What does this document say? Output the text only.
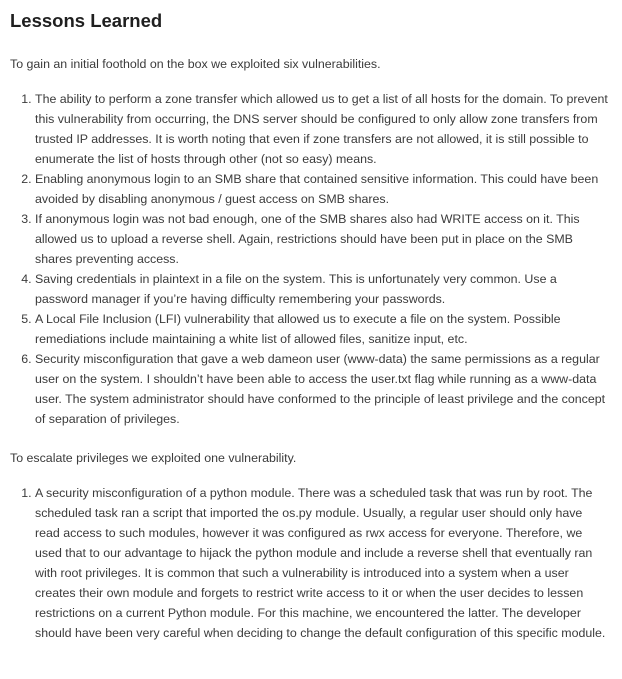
Lessons Learned

To gain an initial foothold on the box we exploited six vulnerabilities.

1. The ability to perform a zone transfer which allowed us to get a list of all hosts for the domain. To prevent this vulnerability from occurring, the DNS server should be configured to only allow zone transfers from trusted IP addresses. It is worth noting that even if zone transfers are not allowed, it is still possible to enumerate the list of hosts through other (not so easy) means.
2. Enabling anonymous login to an SMB share that contained sensitive information. This could have been avoided by disabling anonymous / guest access on SMB shares.
3. If anonymous login was not bad enough, one of the SMB shares also had WRITE access on it. This allowed us to upload a reverse shell. Again, restrictions should have been put in place on the SMB shares preventing access.
4. Saving credentials in plaintext in a file on the system. This is unfortunately very common. Use a password manager if you’re having difficulty remembering your passwords.
5. A Local File Inclusion (LFI) vulnerability that allowed us to execute a file on the system. Possible remediations include maintaining a white list of allowed files, sanitize input, etc.
6. Security misconfiguration that gave a web dameon user (www-data) the same permissions as a regular user on the system. I shouldn’t have been able to access the user.txt flag while running as a www-data user. The system administrator should have conformed to the principle of least privilege and the concept of separation of privileges.

To escalate privileges we exploited one vulnerability.

1. A security misconfiguration of a python module. There was a scheduled task that was run by root. The scheduled task ran a script that imported the os.py module. Usually, a regular user should only have read access to such modules, however it was configured as rwx access for everyone. Therefore, we used that to our advantage to hijack the python module and include a reverse shell that eventually ran with root privileges. It is common that such a vulnerability is introduced into a system when a user creates their own module and forgets to restrict write access to it or when the user decides to lessen restrictions on a current Python module. For this machine, we encountered the latter. The developer should have been very careful when deciding to change the default configuration of this specific module.
